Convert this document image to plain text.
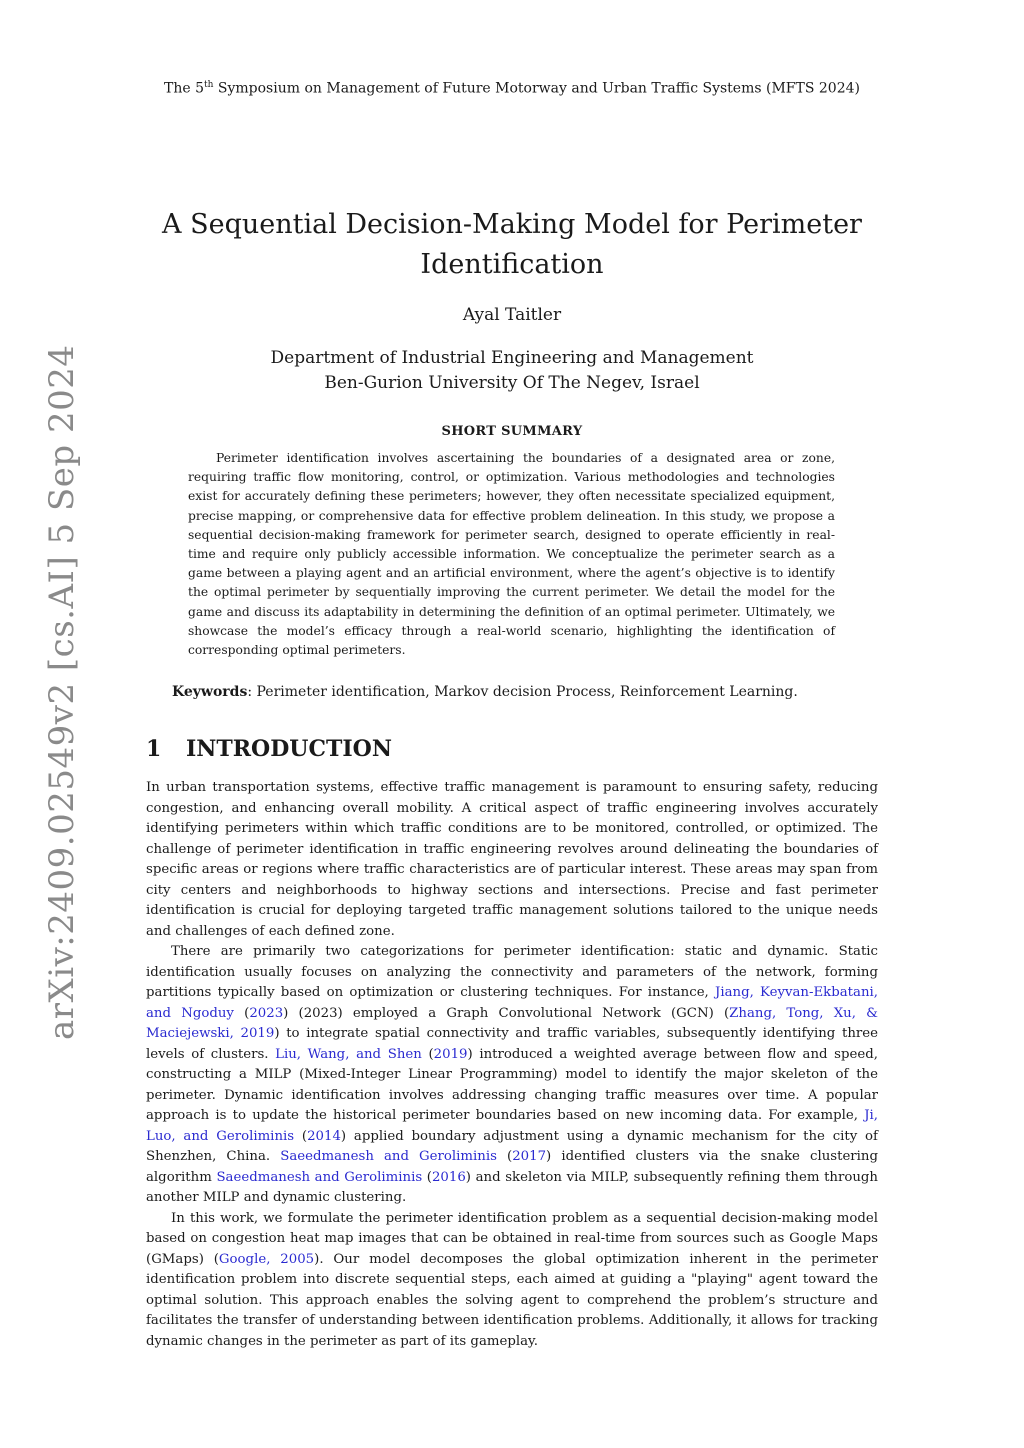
The 5th Symposium on Management of Future Motorway and Urban Traffic Systems (MFTS 2024)
arXiv:2409.02549v2 [cs.AI] 5 Sep 2024
A Sequential Decision-Making Model for Perimeter Identification
Ayal Taitler
Department of Industrial Engineering and Management
Ben-Gurion University Of The Negev, Israel
SHORT SUMMARY

Perimeter identification involves ascertaining the boundaries of a designated area or zone, requiring traffic flow monitoring, control, or optimization. Various methodologies and technologies exist for accurately defining these perimeters; however, they often necessitate specialized equipment, precise mapping, or comprehensive data for effective problem delineation. In this study, we propose a sequential decision-making framework for perimeter search, designed to operate efficiently in real-time and require only publicly accessible information. We conceptualize the perimeter search as a game between a playing agent and an artificial environment, where the agent’s objective is to identify the optimal perimeter by sequentially improving the current perimeter. We detail the model for the game and discuss its adaptability in determining the definition of an optimal perimeter. Ultimately, we showcase the model’s efficacy through a real-world scenario, highlighting the identification of corresponding optimal perimeters.

Keywords: Perimeter identification, Markov decision Process, Reinforcement Learning.

1 INTRODUCTION

In urban transportation systems, effective traffic management is paramount to ensuring safety, reducing congestion, and enhancing overall mobility. A critical aspect of traffic engineering involves accurately identifying perimeters within which traffic conditions are to be monitored, controlled, or optimized. The challenge of perimeter identification in traffic engineering revolves around delineating the boundaries of specific areas or regions where traffic characteristics are of particular interest. These areas may span from city centers and neighborhoods to highway sections and intersections. Precise and fast perimeter identification is crucial for deploying targeted traffic management solutions tailored to the unique needs and challenges of each defined zone.

There are primarily two categorizations for perimeter identification: static and dynamic. Static identification usually focuses on analyzing the connectivity and parameters of the network, forming partitions typically based on optimization or clustering techniques. For instance, Jiang, Keyvan-Ekbatani, and Ngoduy (2023) (2023) employed a Graph Convolutional Network (GCN) (Zhang, Tong, Xu, & Maciejewski, 2019) to integrate spatial connectivity and traffic variables, subsequently identifying three levels of clusters. Liu, Wang, and Shen (2019) introduced a weighted average between flow and speed, constructing a MILP (Mixed-Integer Linear Programming) model to identify the major skeleton of the perimeter. Dynamic identification involves addressing changing traffic measures over time. A popular approach is to update the historical perimeter boundaries based on new incoming data. For example, Ji, Luo, and Geroliminis (2014) applied boundary adjustment using a dynamic mechanism for the city of Shenzhen, China. Saeedmanesh and Geroliminis (2017) identified clusters via the snake clustering algorithm Saeedmanesh and Geroliminis (2016) and skeleton via MILP, subsequently refining them through another MILP and dynamic clustering.

In this work, we formulate the perimeter identification problem as a sequential decision-making model based on congestion heat map images that can be obtained in real-time from sources such as Google Maps (GMaps) (Google, 2005). Our model decomposes the global optimization inherent in the perimeter identification problem into discrete sequential steps, each aimed at guiding a "playing" agent toward the optimal solution. This approach enables the solving agent to comprehend the problem’s structure and facilitates the transfer of understanding between identification problems. Additionally, it allows for tracking dynamic changes in the perimeter as part of its gameplay.
